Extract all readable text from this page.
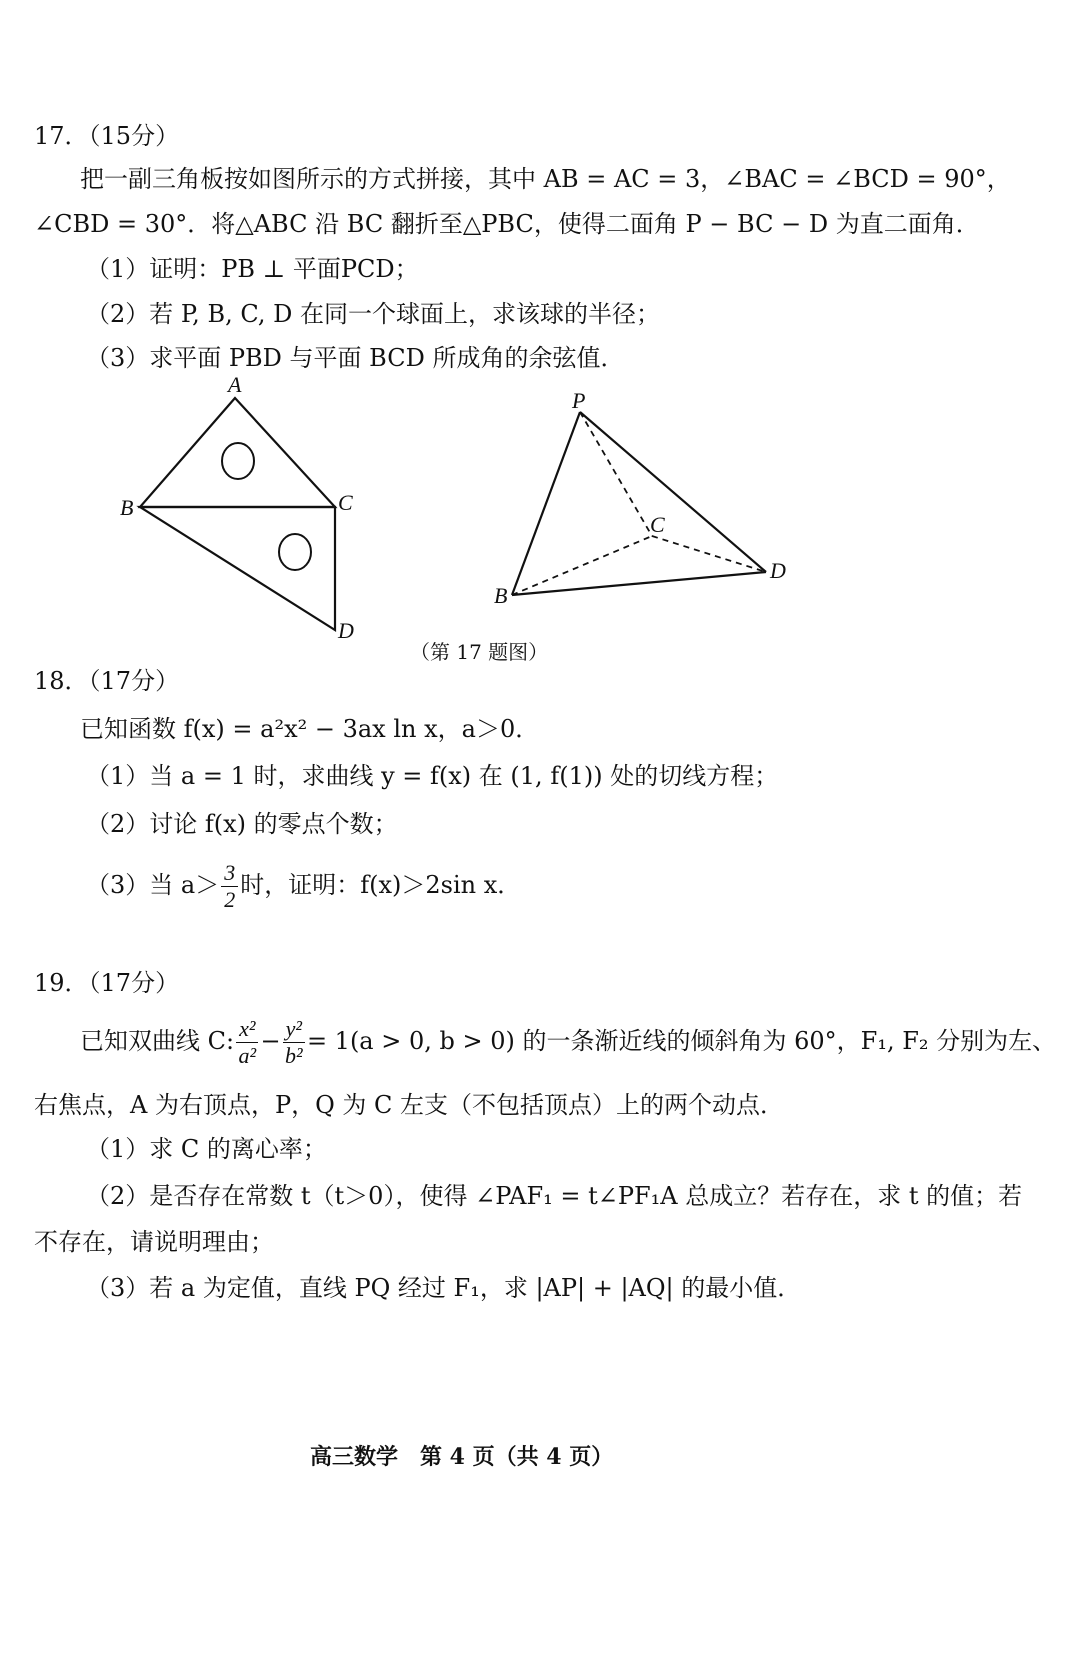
17．（15分）
把一副三角板按如图所示的方式拼接，其中 AB = AC = 3，∠BAC = ∠BCD = 90°，
∠CBD = 30°．将△ABC 沿 BC 翻折至△PBC，使得二面角 P − BC − D 为直二面角．
（1）证明：PB ⊥ 平面PCD；
（2）若 P, B, C, D 在同一个球面上，求该球的半径；
（3）求平面 PBD 与平面 BCD 所成角的余弦值．
A
B	C
D
P
B
C
D
（第 17 题图）
18．（17分）
已知函数 f(x) = a²x² − 3ax ln x，a＞0．
（1）当 a = 1 时，求曲线 y = f(x) 在 (1, f(1)) 处的切线方程；
（2）讨论 f(x) 的零点个数；
（3）当 $a> \frac{3}{2}$ 时，证明：f(x)＞2sin x．
19．（17分）
已知双曲线 C: $\frac{\text{x²}}{\text{a²}} - \frac{\text{y²}}{\text{b²}} = 1(a > 0$, b > 0) 的一条渐近线的倾斜角为 60°，F₁, F₂ 分别为左、
右焦点，A 为右顶点，P，Q 为 C 左支（不包括顶点）上的两个动点．
（1）求 C 的离心率；
（2）是否存在常数 t（t＞0），使得 ∠PAF₁ = t∠PF₁A 总成立？若存在，求 t 的值；若
不存在，请说明理由；
（3）若 a 为定值，直线 PQ 经过 F₁，求 |AP| + |AQ| 的最小值．
高三数学 第 4 页（共 4 页）
